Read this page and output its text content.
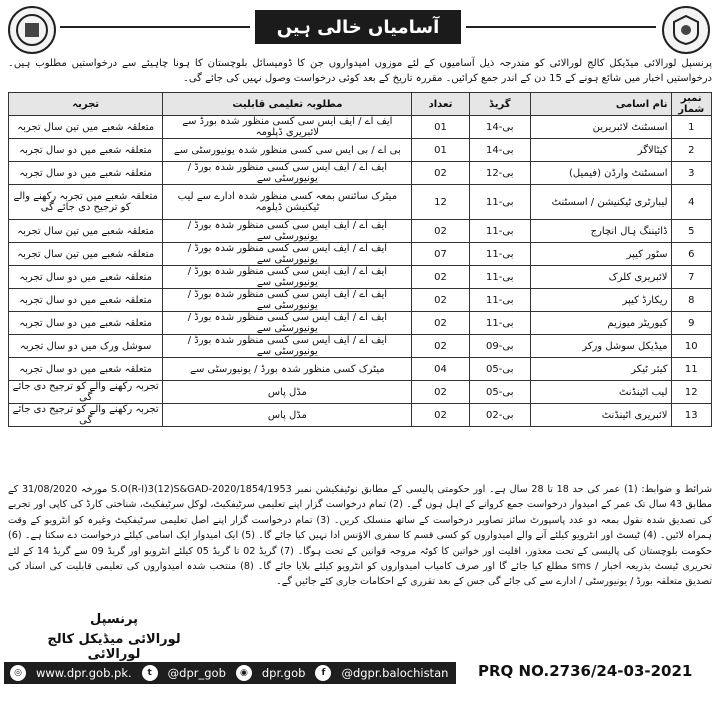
آسامیاں خالی ہیں
پرنسپل لورالائی میڈیکل کالج لورالائی کو مندرجہ ذیل آسامیوں کے لئے موزوں امیدواروں جن کا ڈومیسائل بلوچستان کا ہونا چاہیئے سے درخواستیں مطلوب ہیں۔ درخواستیں اخبار میں شائع ہونے کے 15 دن کے اندر جمع کرائیں۔ مقررہ تاریخ کے بعد کوئی درخواست وصول نہیں کی جائے گی۔
نمبر شمار	نام اسامی	گریڈ	تعداد	مطلوبہ تعلیمی قابلیت	تجربہ
1	اسسٹنٹ لائبریرین	بی-14	01	ایف اے / ایف ایس سی کسی منظور شدہ بورڈ سے لائبریری ڈپلومہ	متعلقہ شعبے میں تین سال تجربہ
2	کیٹالاگر	بی-14	01	بی اے / بی ایس سی کسی منظور شدہ یونیورسٹی سے	متعلقہ شعبے میں دو سال تجربہ
3	اسسٹنٹ وارڈن (فیمیل)	بی-12	02	ایف اے / ایف ایس سی کسی منظور شدہ بورڈ / یونیورسٹی سے	متعلقہ شعبے میں دو سال تجربہ
4	لیبارٹری ٹیکنیشن / اسسٹنٹ	بی-11	12	میٹرک سائنس بمعہ کسی منظور شدہ ادارے سے لیب ٹیکنیشن ڈپلومہ	متعلقہ شعبے میں تجربہ رکھنے والے کو ترجیح دی جائے گی
5	ڈائیننگ ہال انچارج	بی-11	02	ایف اے / ایف ایس سی کسی منظور شدہ بورڈ / یونیورسٹی سے	متعلقہ شعبے میں تین سال تجربہ
6	سٹور کیپر	بی-11	07	ایف اے / ایف ایس سی کسی منظور شدہ بورڈ / یونیورسٹی سے	متعلقہ شعبے میں تین سال تجربہ
7	لائبریری کلرک	بی-11	02	ایف اے / ایف ایس سی کسی منظور شدہ بورڈ / یونیورسٹی سے	متعلقہ شعبے میں دو سال تجربہ
8	ریکارڈ کیپر	بی-11	02	ایف اے / ایف ایس سی کسی منظور شدہ بورڈ / یونیورسٹی سے	متعلقہ شعبے میں دو سال تجربہ
9	کیوریٹر میوزیم	بی-11	02	ایف اے / ایف ایس سی کسی منظور شدہ بورڈ / یونیورسٹی سے	متعلقہ شعبے میں دو سال تجربہ
10	میڈیکل سوشل ورکر	بی-09	02	ایف اے / ایف ایس سی کسی منظور شدہ بورڈ / یونیورسٹی سے	سوشل ورک میں دو سال تجربہ
11	کیئر ٹیکر	بی-05	04	میٹرک کسی منظور شدہ بورڈ / یونیورسٹی سے	متعلقہ شعبے میں دو سال تجربہ
12	لیب اٹینڈنٹ	بی-05	02	مڈل پاس	تجربہ رکھنے والے کو ترجیح دی جائے گی
13	لائبریری اٹینڈنٹ	بی-02	02	مڈل پاس	تجربہ رکھنے والے کو ترجیح دی جائے گی
شرائط و ضوابط: (1) عمر کی حد 18 تا 28 سال ہے۔ اور حکومتی پالیسی کے مطابق نوٹیفکیشن نمبر S.O(R-I)3(12)S&GAD-2020/1854/1953 مورخہ 31/08/2020 کے مطابق 43 سال تک عمر کے امیدوار درخواست جمع کروانے کے اہل ہوں گے۔ (2) تمام درخواست گزار اپنے تعلیمی سرٹیفکیٹ، لوکل سرٹیفکیٹ، شناختی کارڈ کی کاپی اور تجربے کی تصدیق شدہ نقول بمعہ دو عدد پاسپورٹ سائز تصاویر درخواست کے ساتھ منسلک کریں۔ (3) تمام درخواست گزار اپنے اصل تعلیمی سرٹیفکیٹ وغیرہ کو انٹرویو کے وقت ہمراہ لائیں۔ (4) ٹیسٹ اور انٹرویو کیلئے آنے والے امیدواروں کو کسی قسم کا سفری الاؤنس ادا نہیں کیا جائے گا۔ (5) ایک امیدوار ایک اسامی کیلئے درخواست دے سکتا ہے۔ (6) حکومت بلوچستان کی پالیسی کے تحت معذور، اقلیت اور خواتین کا کوٹہ مروجہ قوانین کے تحت ہوگا۔ (7) گریڈ 02 تا گریڈ 05 کیلئے انٹرویو اور گریڈ 09 سے گریڈ 14 کے لئے تحریری ٹیسٹ بذریعہ اخبار / sms مطلع کیا جائے گا اور صرف کامیاب امیدواروں کو انٹرویو کیلئے بلایا جائے گا۔ (8) منتخب شدہ امیدواروں کی تعلیمی قابلیت کی اسناد کی تصدیق متعلقہ بورڈ / یونیورسٹی / ادارے سے کی جائے گی جس کے بعد تقرری کے احکامات جاری کئے جائیں گے۔
پرنسپل
لورالائی میڈیکل کالج لورالائی
◎	www.dpr.gob.pk.	t	@dpr_gob	◉	dpr.gob	f	@dgpr.balochistan PRQ NO.2736/24-03-2021
